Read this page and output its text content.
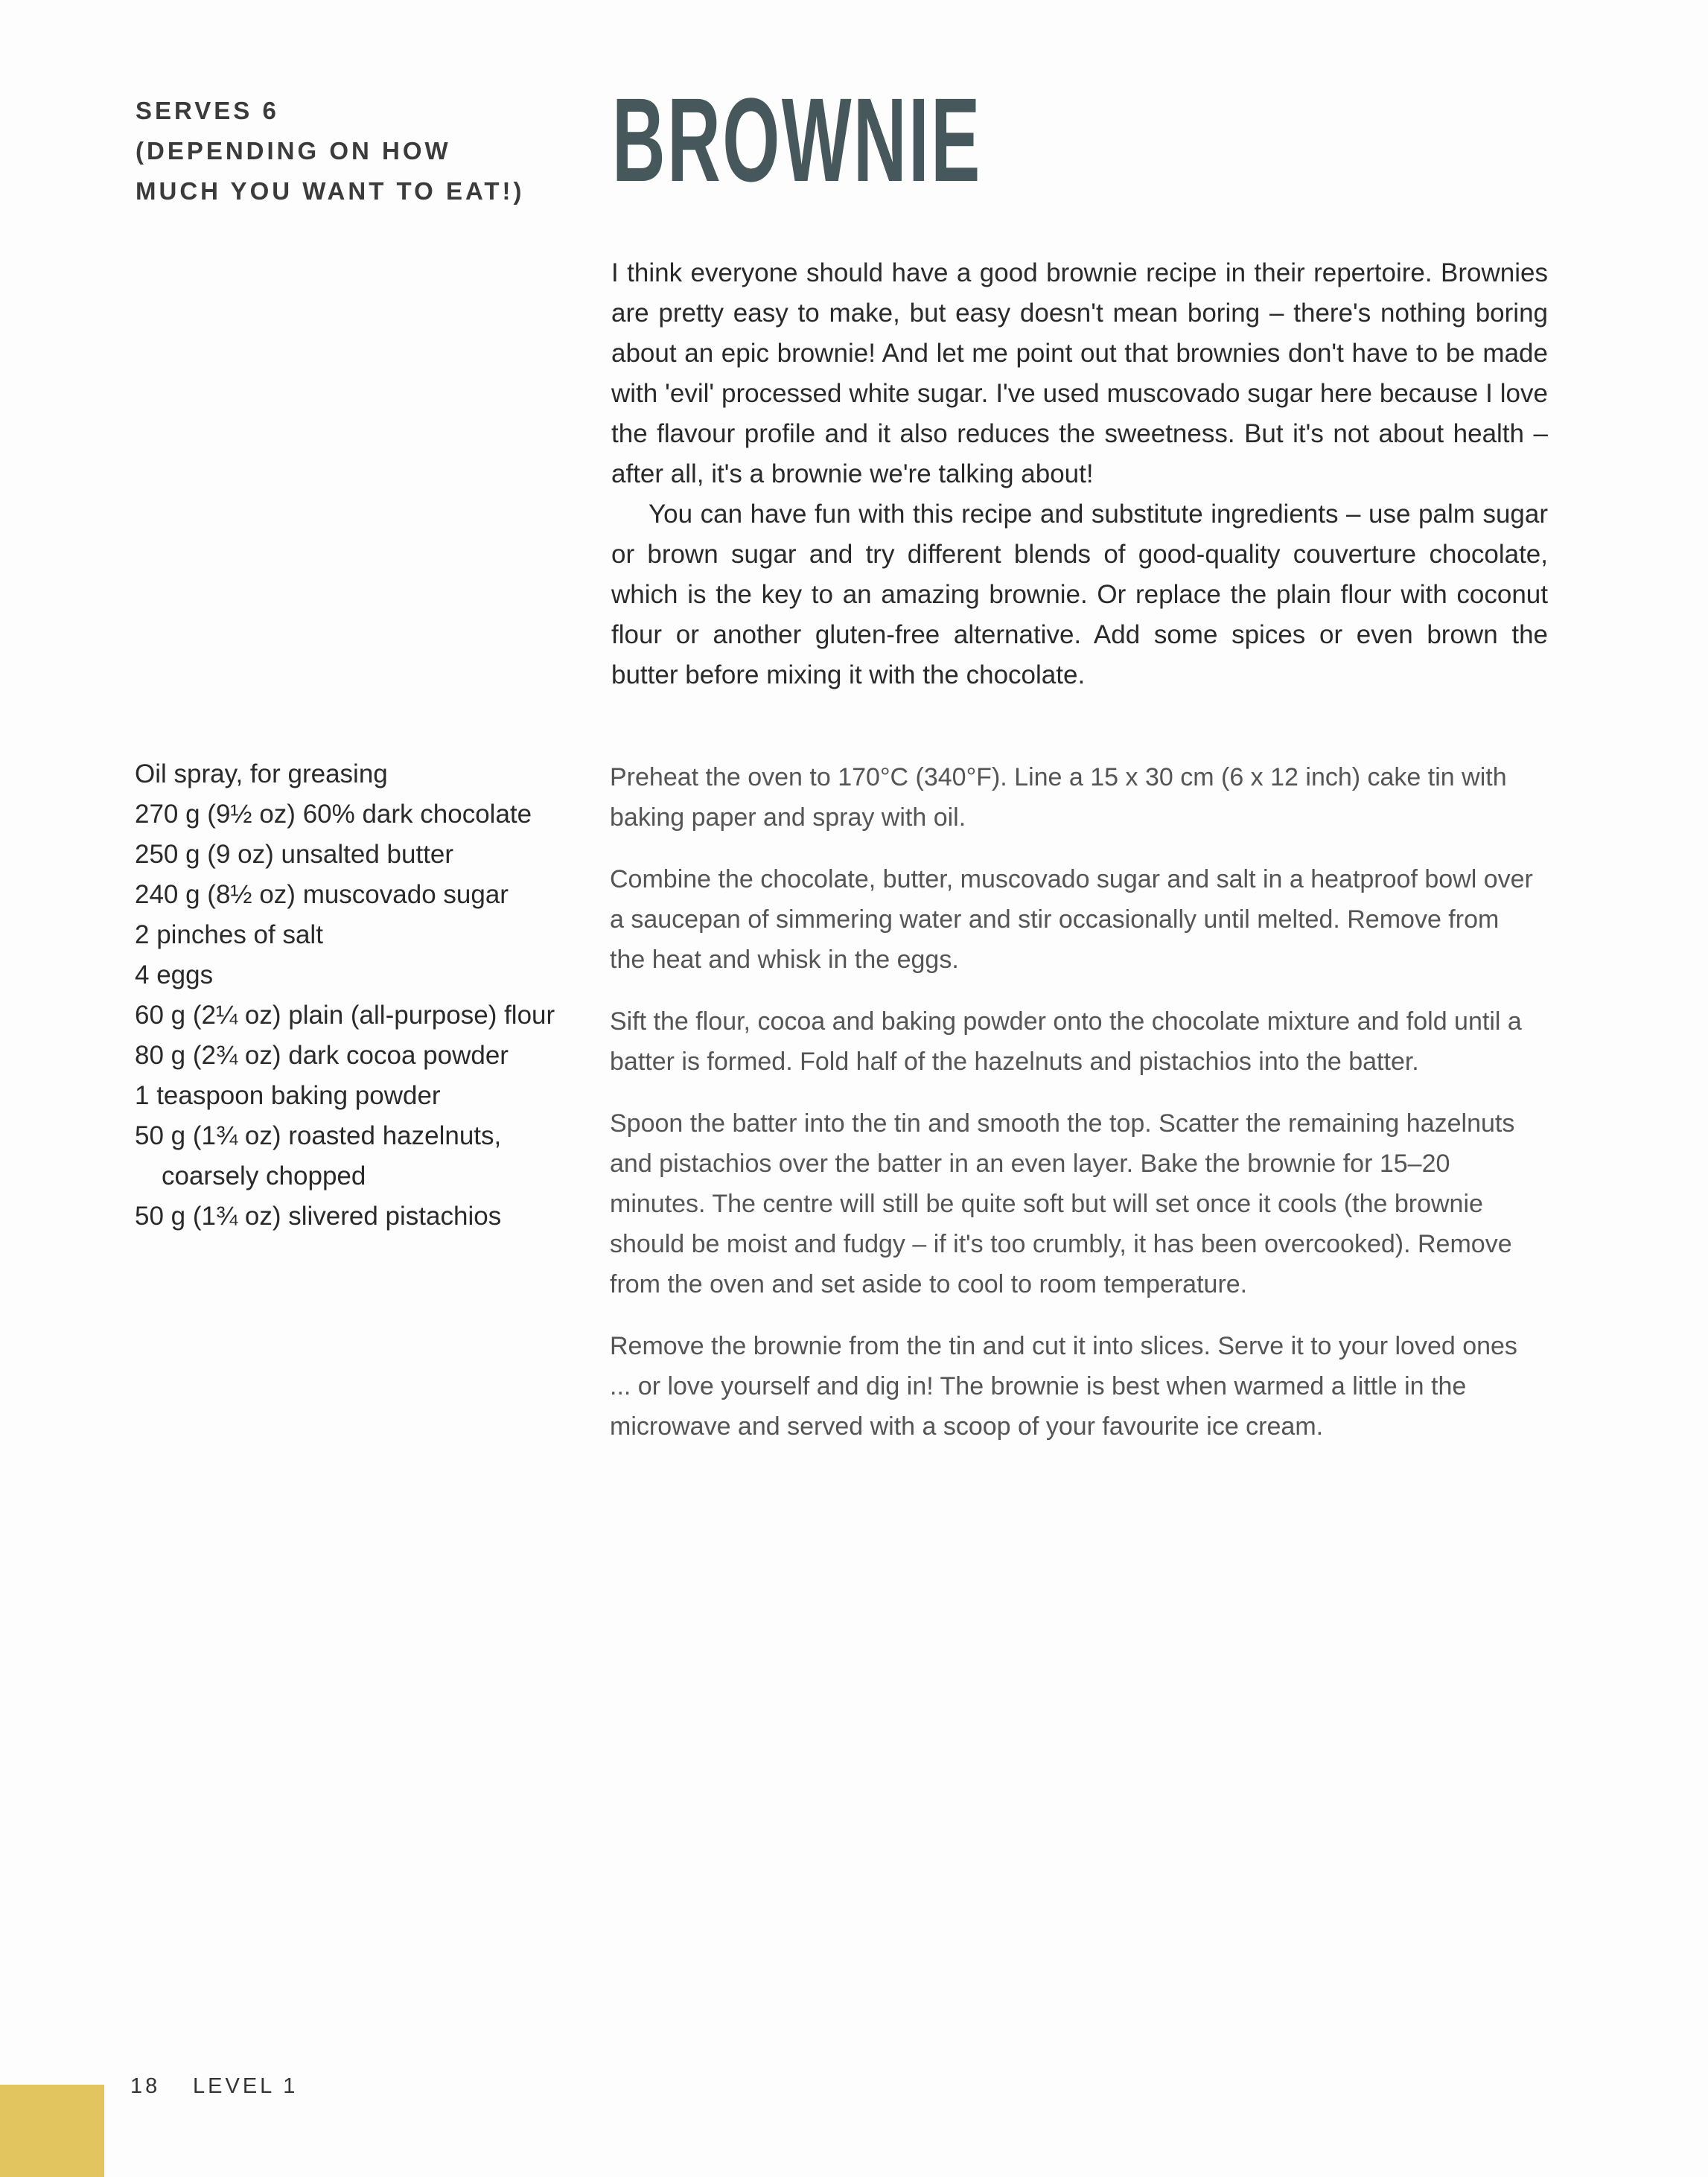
SERVES 6
(DEPENDING ON HOW
MUCH YOU WANT TO EAT!) BROWNIE

I think everyone should have a good brownie recipe in their repertoire. Brownies are pretty easy to make, but easy doesn't mean boring – there's nothing boring about an epic brownie! And let me point out that brownies don't have to be made with 'evil' processed white sugar. I've used muscovado sugar here because I love the flavour profile and it also reduces the sweetness. But it's not about health – after all, it's a brownie we're talking about!

You can have fun with this recipe and substitute ingredients – use palm sugar or brown sugar and try different blends of good-quality couverture chocolate, which is the key to an amazing brownie. Or replace the plain flour with coconut flour or another gluten-free alternative. Add some spices or even brown the butter before mixing it with the chocolate.

Oil spray, for greasing
270 g (9½ oz) 60% dark chocolate
250 g (9 oz) unsalted butter
240 g (8½ oz) muscovado sugar
2 pinches of salt
4 eggs
60 g (2¼ oz) plain (all-purpose) flour
80 g (2¾ oz) dark cocoa powder
1 teaspoon baking powder
50 g (1¾ oz) roasted hazelnuts,
coarsely chopped
50 g (1¾ oz) slivered pistachios

Preheat the oven to 170°C (340°F). Line a 15 x 30 cm (6 x 12 inch) cake tin with baking paper and spray with oil.

Combine the chocolate, butter, muscovado sugar and salt in a heatproof bowl over a saucepan of simmering water and stir occasionally until melted. Remove from the heat and whisk in the eggs.

Sift the flour, cocoa and baking powder onto the chocolate mixture and fold until a batter is formed. Fold half of the hazelnuts and pistachios into the batter.

Spoon the batter into the tin and smooth the top. Scatter the remaining hazelnuts and pistachios over the batter in an even layer. Bake the brownie for 15–20 minutes. The centre will still be quite soft but will set once it cools (the brownie should be moist and fudgy – if it's too crumbly, it has been overcooked). Remove from the oven and set aside to cool to room temperature.

Remove the brownie from the tin and cut it into slices. Serve it to your loved ones ... or love yourself and dig in! The brownie is best when warmed a little in the microwave and served with a scoop of your favourite ice cream.

18 LEVEL 1
